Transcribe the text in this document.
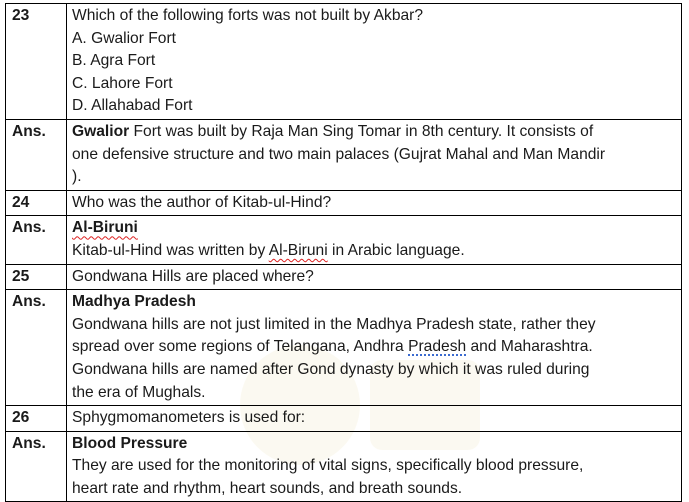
23	Which of the following forts was not built by Akbar?
A. Gwalior Fort
B. Agra Fort
C. Lahore Fort
D. Allahabad Fort

Ans.	Gwalior Fort was built by Raja Man Sing Tomar in 8th century. It consists of
one defensive structure and two main palaces (Gujrat Mahal and Man Mandir
).

24	Who was the author of Kitab-ul-Hind?

Ans.	Al-Biruni
Kitab-ul-Hind was written by Al-Biruni in Arabic language.

25	Gondwana Hills are placed where?

Ans.	Madhya Pradesh
Gondwana hills are not just limited in the Madhya Pradesh state, rather they
spread over some regions of Telangana, Andhra Pradesh and Maharashtra.
Gondwana hills are named after Gond dynasty by which it was ruled during
the era of Mughals.

26	Sphygmomanometers is used for:

Ans.	Blood Pressure
They are used for the monitoring of vital signs, specifically blood pressure,
heart rate and rhythm, heart sounds, and breath sounds.
